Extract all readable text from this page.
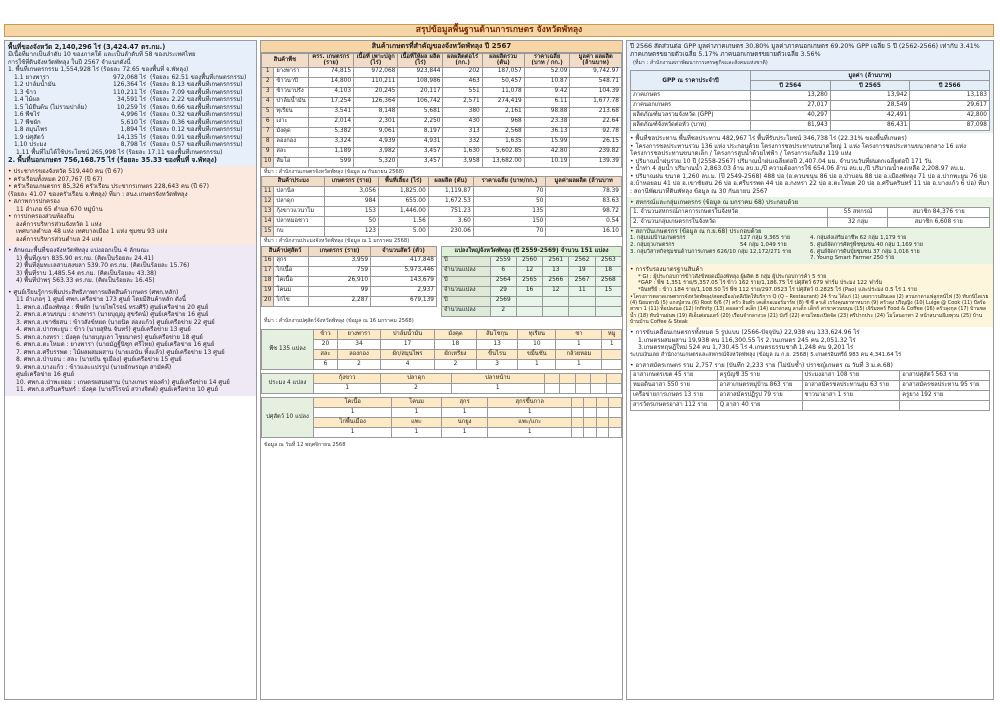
สรุปข้อมูลพื้นฐานด้านการเกษตร จังหวัดพัทลุง
พื้นที่ของจังหวัด 2,140,296 ไร่ (3,424.47 ตร.กม.)
มีเนื้อที่มากเป็นลำดับ 10 ของภาคใต้ และเป็นลำดับที่ 58 ของประเทศไทย
การใช้ที่ดินจังหวัดพัทลุง ในปี 2567 จำแนกดังนี้
1. พื้นที่เกษตรกรรม 1,554,928 ไร่ (ร้อยละ 72.65 ของพื้นที่ จ.พัทลุง)
1.1 ยางพารา	972,068 ไร่ (ร้อยละ 62.51 ของพื้นที่เกษตรกรรม)
1.2 ปาล์มน้ำมัน	126,364 ไร่ (ร้อยละ 8.13 ของพื้นที่เกษตรกรรม)
1.3 ข้าว	110,211 ไร่ (ร้อยละ 7.09 ของพื้นที่เกษตรกรรม)
1.4 ไม้ผล	34,591 ไร่ (ร้อยละ 2.22 ของพื้นที่เกษตรกรรม)
1.5 ไม้ยืนต้น (ไม่รวมปาล์ม)	10,259 ไร่ (ร้อยละ 0.66 ของพื้นที่เกษตรกรรม)
1.6 พืชไร่	4,996 ไร่ (ร้อยละ 0.32 ของพื้นที่เกษตรกรรม)
1.7 พืชผัก	5,610 ไร่ (ร้อยละ 0.36 ของพื้นที่เกษตรกรรม)
1.8 สมุนไพร	1,894 ไร่ (ร้อยละ 0.12 ของพื้นที่เกษตรกรรม)
1.9 ปศุสัตว์	14,135 ไร่ (ร้อยละ 0.91 ของพื้นที่เกษตรกรรม)
1.10 ประมง	8,798 ไร่ (ร้อยละ 0.57 ของพื้นที่เกษตรกรรม)
1.11 พื้นที่ไม่ได้ใช้ประโยชน์ 265,998 ไร่ (ร้อยละ 17.11 ของพื้นที่เกษตรกรรม)
2. พื้นที่นอกเกษตร 756,168.75 ไร่ (ร้อยละ 35.33 ของพื้นที่ จ.พัทลุง)
• ประชากรของจังหวัด 519,440 คน (ปี 67)
• ครัวเรือนทั้งหมด 207,767 (ปี 67)
• ครัวเรือนเกษตรกร 85,326 ครัวเรือน ประชากรเกษตร 228,643 คน (ปี 67)
(ร้อยละ 41.07 ของครัวเรือน จ.พัทลุง) ที่มา : สนง.เกษตรจังหวัดพัทลุง
• สภาพการปกครอง
11 อำเภอ 65 ตำบล 670 หมู่บ้าน
• การปกครองส่วนท้องถิ่น
องค์การบริหารส่วนจังหวัด 1 แห่ง
เทศบาลตำบล 48 แห่ง เทศบาลเมือง 1 แห่ง ชุมชน 93 แห่ง
องค์การบริหารส่วนตำบล 24 แห่ง
• ลักษณะพื้นที่ของจังหวัดพัทลุง แบ่งออกเป็น 4 ลักษณะ
1) พื้นที่ภูเขา 835.90 ตร.กม. (คิดเป็นร้อยละ 24.41)
2) พื้นที่ลุ่มทะเลสาบสงขลา 539.70 ตร.กม. (คิดเป็นร้อยละ 15.76)
3) พื้นที่ราบ 1,485.54 ตร.กม. (คิดเป็นร้อยละ 43.38)
4) พื้นที่ป่าพรุ 563.33 ตร.กม. (คิดเป็นร้อยละ 16.45)
• ศูนย์เรียนรู้การเพิ่มประสิทธิภาพการผลิตสินค้าเกษตร (ศพก.หลัก)
11 อำเภอๆ 1 ศูนย์ ศพก.เครือข่าย 173 ศูนย์ โดยมีสินค้าหลัก ดังนี้
1. ศพก.อ.เมืองพัทลุง : พืชผัก (นายไพโรจน์ ทรงศิริ) ศูนย์เครือข่าย 20 ศูนย์
2. ศพก.อ.ควนขนุน : ยางพารา (นายบุญญู สุขรัตน์) ศูนย์เครือข่าย 16 ศูนย์
3. ศพก.อ.เขาชัยสน : ข้าวสังข์หยด (นายนิด ล่องแก้ว) ศูนย์เครือข่าย 22 ศูนย์
4. ศพก.อ.ปากพะยูน : ข้าว (นายสุทิน จันทร์) ศูนย์เครือข่าย 13 ศูนย์
5. ศพก.อ.กงหรา : มังคุด (นายบุญเลา ไชยมาตร) ศูนย์เครือข่าย 18 ศูนย์
6. ศพก.อ.ตะโหมด : ยางพารา (นายมัฎฐิ์นิซุก ศรีไทย) ศูนย์เครือข่าย 16 ศูนย์
7. ศพก.อ.ศรีบรรพต : ไม้ผลผสมผสาน (นายเอนัน ทิ้งแล้ว) ศูนย์เครือข่าย 13 ศูนย์
8. ศพก.อ.ป่าบอน : สละ (นายบัน ชูเมือง) ศูนย์เครือข่าย 15 ศูนย์
9. ศพก.อ.บางแก้ว : ข้าวและแปรรูป (นายอักษรณุต สามัคคี)
ศูนย์เครือข่าย 16 ศูนย์
10. ศพก.อ.ป่าพะยอม : เกษตรผสมผสาน (นางเกษร ทองคำ) ศูนย์เครือข่าย 14 ศูนย์
11. ศพก.อ.ศรีนครินทร์ : มังคุด (นายรีโรจน์ สว่างจิตต์) ศูนย์เครือข่าย 10 ศูนย์
สินค้าเกษตรที่สำคัญของจังหวัดพัทลุง ปี 2567
สินค้าพืช		ครร. เกษตรกร (ราย)	เนื้อที่ เพาะปลูก (ไร่)	เนื้อที่ให้ผล ผลิต (ไร่)	ผลผลิตต่อไร่ (กก.)	ผลผลิตรวม (ตัน)	ราคาเฉลี่ย (บาท / กก.)	มูลค่า ผลผลิต (ล้านบาท)
1	ยางพารา	74,815	972,068	923,844	202	187,057	52.09	9,742.97
2	ข้าวนาปี	14,800	110,211	108,986	463	50,457	10.87	548.71
3	ข้าวนาปรัง	4,103	20,245	20,117	551	11,078	9.42	104.39
4	ปาล์มน้ำมัน	17,254	126,364	106,742	2,571	274,419	6.11	1,677.78
5	ทุเรียน	3,541	8,148	5,681	380	2,161	98.88	213.68
6	เงาะ	2,014	2,301	2,250	430	968	23.38	22.64
7	มังคุด	5,382	9,061	8,197	313	2,568	36.13	92.78
8	ลองกอง	3,324	4,939	4,931	332	1,635	15.99	26.15
9	สละ	1,189	3,982	3,457	1,630	5,602.85	42.80	239.82
10	ส้มโอ	599	5,320	3,457	3,958	13,682.00	10.19	139.39
ที่มา : สำนักงานเกษตรจังหวัดพัทลุง (ข้อมูล ณ กันยายน 2568)
สินค้าประมง		เกษตรกร (ราย)	พื้นที่เลี้ยง (ไร่)	ผลผลิต (ตัน)	ราคาเฉลี่ย (บาท/กก.)	มูลค่าผลผลิต (ล้านบาท
11	ปลานิล	3,056	1,825.00	1,119.87	70	78.39
12	ปลาดุก	984	655.00	1,672.53	50	83.63
13	กุ้งขาวแวนาไม	153	1,446.00	751.23	135	98.72
14	ปลาหมอชาว	50	1.56	3.60	150	0.54
15	กบ	123	5.00	230.06	70	16.10
ที่มา : สำนักงานประมงจังหวัดพัทลุง (ข้อมูล ณ 1 มกราคม 2568)
สินค้าปศุสัตว์		เกษตรกร (ราย)	จำนวนสัตว์ (ตัว)
16	สุกร	3,959	417,848
17	ไก่เนื้อ	759	5,973,446
18	โคเนื้อ	26,910	143,679
19	โคนม	99	2,937
20	ไก่ไข่	2,287	679,139
แปลงใหญ่จังหวัดพัทลุง (ปี 2559-2569) จำนวน 151 แปลง					
ปี	2559	2560	2561	2562	2563
จำนวนแปลง	6	12	13	19	18
ปี	2564	2565	2566	2567	2568
จำนวนแปลง	29	16	12	11	15
ปี	2569				
จำนวนแปลง	2				
ที่มา : สำนักงานปศุสัตว์จังหวัดพัทลุง (ข้อมูล ณ 16 มกราคม 2568)
พืช 135 แปลง	ข้าว	ยางพารา	ปาล์มน้ำมัน	มังคุด	ส้มโชกุน	ทุเรียน	ชา	หมู
	20	34	17	18	13	10	1	1
	สละ	ลองกอง	ผัก/สมุนไพร	ผักเหรียง	ขิ้นไรน	ขมิ้นชัน	กล้วยหอม	
	6	2	4	2	3	1	1	
ประมง 4 แปลง	กุ้งขาว	ปลาดุก	ปลาหน้าบ					
	1	2	1					
ปศุสัตว์ 10 แปลง	โคเนื้อ	โคนม	สุกร	สุกรขึ้นกาล				
	1	1	1	1				
	ไก่พื้นเมือง	แพะ	นกยูง	แพะ/แกะ				
	1	1	1	1				
ข้อมูล ณ วันที่ 12 พฤศจิกายน 2568
ปี 2566 สัดส่วนต่อ GPP มูลค่าภาคเกษตร 30.80% มูลค่าภาคนอกเกษตร 69.20% GPP เฉลี่ย 5 ปี (2562-2566) เท่ากับ 3.41% ภาคเกษตรขยายตัวเฉลี่ย 5.17% ภาคนอกเกษตรขยายตัวเฉลี่ย 3.56%
(ที่มา : สำนักงานสภาพัฒนาการเศรษฐกิจและสังคมแห่งชาติ)
GPP ณ ราคาประจำปี	มูลค่า (ล้านบาท)		
	ปี 2564	ปี 2565	ปี 2566
ภาคเกษตร	13,280	13,942	13,183
ภาคนอกเกษตร	27,017	28,549	29,617
ผลิตภัณฑ์มวลรวมจังหวัด (GPP)	40,297	42,491	42,800
ผลิตภัณฑ์จังหวัดต่อหัว (บาท)	81,943	86,431	87,098
• พื้นที่ชลประทาน พื้นที่ชลประทาน 482,967 ไร่ พื้นที่รับประโยชน์ 346,738 ไร่ (22.31% ของพื้นที่เกษตร)
• โครงการชลประทานรวม 136 แห่ง ประกอบด้วย โครงการชลประทานขนาดใหญ่ 1 แห่ง โครงการชลประทานขนาดกลาง 16 แห่ง โครงการชลประทานขนาดเล็ก / โครงการสูบน้ำด้วยไฟฟ้า / โครงการแก้มลิง 119 แห่ง
• ปริมาณน้ำฝนรวม 10 ปี (2558-2567) ปริมาณน้ำฝนเฉลี่ยต่อปี 2,407.04 มม. จำนวนวันที่ฝนตกเฉลี่ยต่อปี 171 วัน
• น้ำท่า 4 ลุ่มน้ำ ปริมาณน้ำ 2,863.03 ล้าน ลบ.ม./ปี ความต้องการใช้ 654.06 ล้าน ลบ.ม./ปี ปริมาณน้ำคงเหลือ 2,208.97 ลบ.ม.
• ปริมาณฝน ขนาด 1,260 ลบ.ม. (ปี 2549-2568) 488 บ่อ (อ.ควนขนุน 86 บ่อ อ.ป่าบอน 88 บ่อ อ.เมืองพัทลุง 71 บ่อ อ.ปากพะยูน 76 บ่อ อ.บ้าหอยอม 41 บ่อ อ.เขาชัยสน 26 บ่อ อ.ศรีบรรพต 44 บ่อ อ.กงหรา 22 บ่อ อ.ตะโหมด 20 บ่อ อ.ศรีนครินทร์ 11 บ่อ อ.บางแก้ว 6 บ่อ) ที่มา : สถานีพัฒนาที่ดินพัทลุง ข้อมูล ณ 30 กันยายน 2567
• สหกรณ์และกลุ่มเกษตรกร (ข้อมูล ณ มกราคม 68) ประกอบด้วย
1. จำนวนสหกรณ์ภาคการเกษตรในจังหวัด	55 สหกรณ์	สมาชิก 84,376 ราย
2. จำนวนกลุ่มเกษตรกรในจังหวัด	32 กลุ่ม	สมาชิก 6,608 ราย
• สถาบันเกษตรกร (ข้อมูล ณ ก.ย.68) ประกอบด้วย
1. กลุ่มแม่บ้านเกษตรกร	127 กลุ่ม 9,365 ราย	4. กลุ่มส่งเสริมอาชีพ 62 กลุ่ม 1,179 ราย
2. กลุ่มยุวเกษตรกร	54 กลุ่ม 1,049 ราย	5. ศูนย์จัดการศัตรูพืชชุมชน 40 กลุ่ม 1,169 ราย
3. กลุ่มวิสาหกิจชุมชนด้านการเกษตร 626/10 กลุ่ม 12,172/271 ราย	6. ศูนย์จัดการดินปุ๋ยชุมชน 37 กลุ่ม 1,016 ราย
7. Young Smart Farmer 250 ราย
• การรับรองมาตรฐานสินค้า
* GI : ผู้ประกอบการข้าวสังข์หยดเมืองพัทลุง ผู้ผลิต 8 กลุ่ม ผู้ประกอบการค้า 5 ราย
*GAP : พืช 1,351 ราย/5,357.05 ไร่ ข้าว 162 ราย/1,186.75 ไร่ ปศุสัตว์ 679 ฟาร์ม ประมง 122 ฟาร์ม
*อินทรีย์ : ข้าว 184 ราย/1,108.50 ไร่ พืช 112 ราย/297.0523 ไร่ ปศุสัตว์ 0.2825 ไร่ (Pao) และประมง 0.5 ไร่ 1 ราย
•โครงการตลาดเกษตรกรจังหวัดพัทลุง/สอตเมือง/เดลีเปิดให้บริการ Q (Q – Restaurant) 24 ร้าน ได้แก่ (1) เตอราวนอินเลอ (2) สวนกาดาแฟลูกหน้ไฟ (3) ทับกนิไดเรย (4) นิยมพาณิ (5) แกงปู่สวน (6) Root 6/6 (7) ครัว อินท์ร เคเต็กอเมอร์มาร์ท (8) ซี ซี ลาเด้ เรรังคุณยาทาหมวก (9) ครัวลุง ปริญญิง (10) Lulge @ Cook (11) บีลร้อ สาขา 1 (11) ท็อปลงนอ (12) Infinity (13) ดอลลาร์ ลเล็ก (14) อมาลาลนู ลาเด็ก เด็กก์ สาขาควนขนุน (15) เจิร์มทคร์ Food & Coffee (16) ครัวลุงกุล (17) บ้านชลน้ำ (18) ทับบ้านฝนพ (19) ดีเอ็นต่อนแดร์ (20) เรือนจำกลางวล (21) บังรี่ (22) ตามไทยะเปิดจัด (23) ศรีปากประ (24) โมโลนอาพา 2 หน้าสนามอีเยพุวน (25) บ้านบ้านบ้าน Coffee & Steak
• การขับเคลื่อนเกษตรกรทั้งหมด 5 รูปแบบ (2566-ปัจจุบัน) 22,938 คน 133,624.96 ไร่
1.เกษตรผสมผสาน 19,938 คน 116,300.55 ไร่ 2.วนเกษตร 245 คน 2,051.32 ไร่
3.เกษตรทฤษฎีใหม่ 524 คน 1,730.45 ไร่ 4.เกษตรธรรมชาติ 1,248 คน 9,201 ไร่
ระบบเงินเลย สำนักงานเกษตรและสหกรณ์จังหวัดพัทลุง (ข้อมูล ณ ก.ย. 2568) 5.เกษตรอินทรีย์ 983 คน 4,341.64 ไร่
• อาสาสมัครเกษตร รวม 2,757 ราย (บันทึก 2,233 ราย (ไม่นับซ้ำ) ปราชญ์เกษตร ณ วันที่ 3 ม.ค.68)
อาสาเกษตรเขต 45 ราย	ครูบัญชี 35 ราย	ประมงอาสา 108 ราย	อาสาปศุสัตว์ 563 ราย
หมอดินอาสา 550 ราย	อาสาเกษตรหมู่บ้าน 863 ราย	อาสาสมัครชลประทานลุ่ม 63 ราย	อาสาสมัครชลประทาน 95 ราย
เครือข่ายการเกษตร 13 ราย	อาสาสมัครปฏิรูป 79 ราย	ชาวนาอาสา 1 ราย	ครูยาง 192 ราย
สารวัตรเกษตรอาสา 112 ราย	Q อาสา 40 ราย		
